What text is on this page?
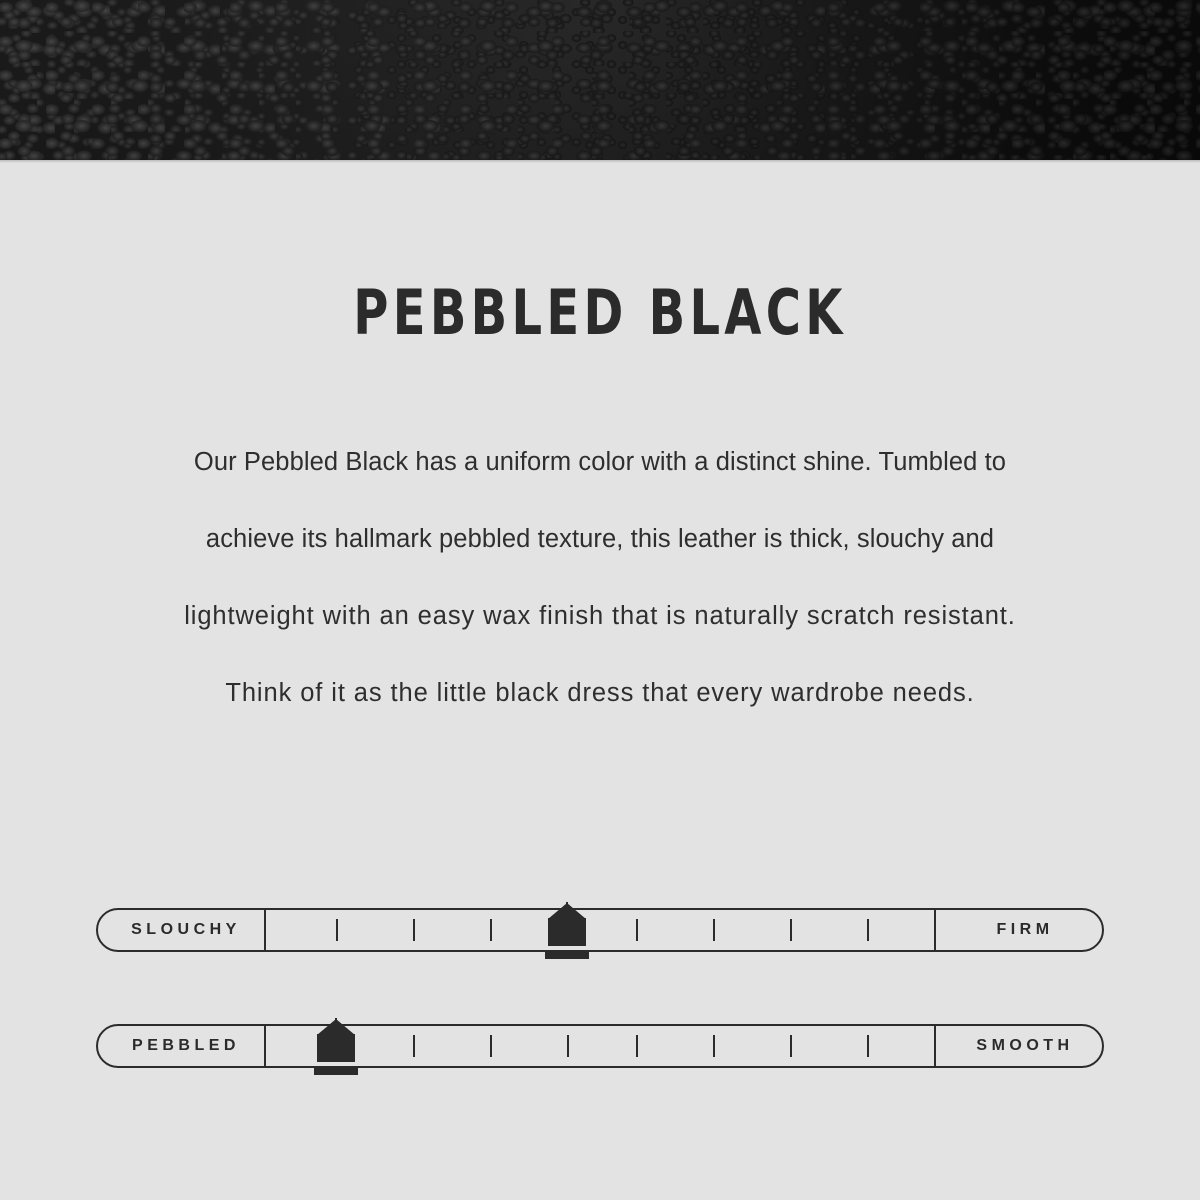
PEBBLED BLACK
Our Pebbled Black has a uniform color with a distinct shine. Tumbled to
achieve its hallmark pebbled texture, this leather is thick, slouchy and
lightweight with an easy wax finish that is naturally scratch resistant.
Think of it as the little black dress that every wardrobe needs.
SLOUCHY	FIRM
PEBBLED	SMOOTH
